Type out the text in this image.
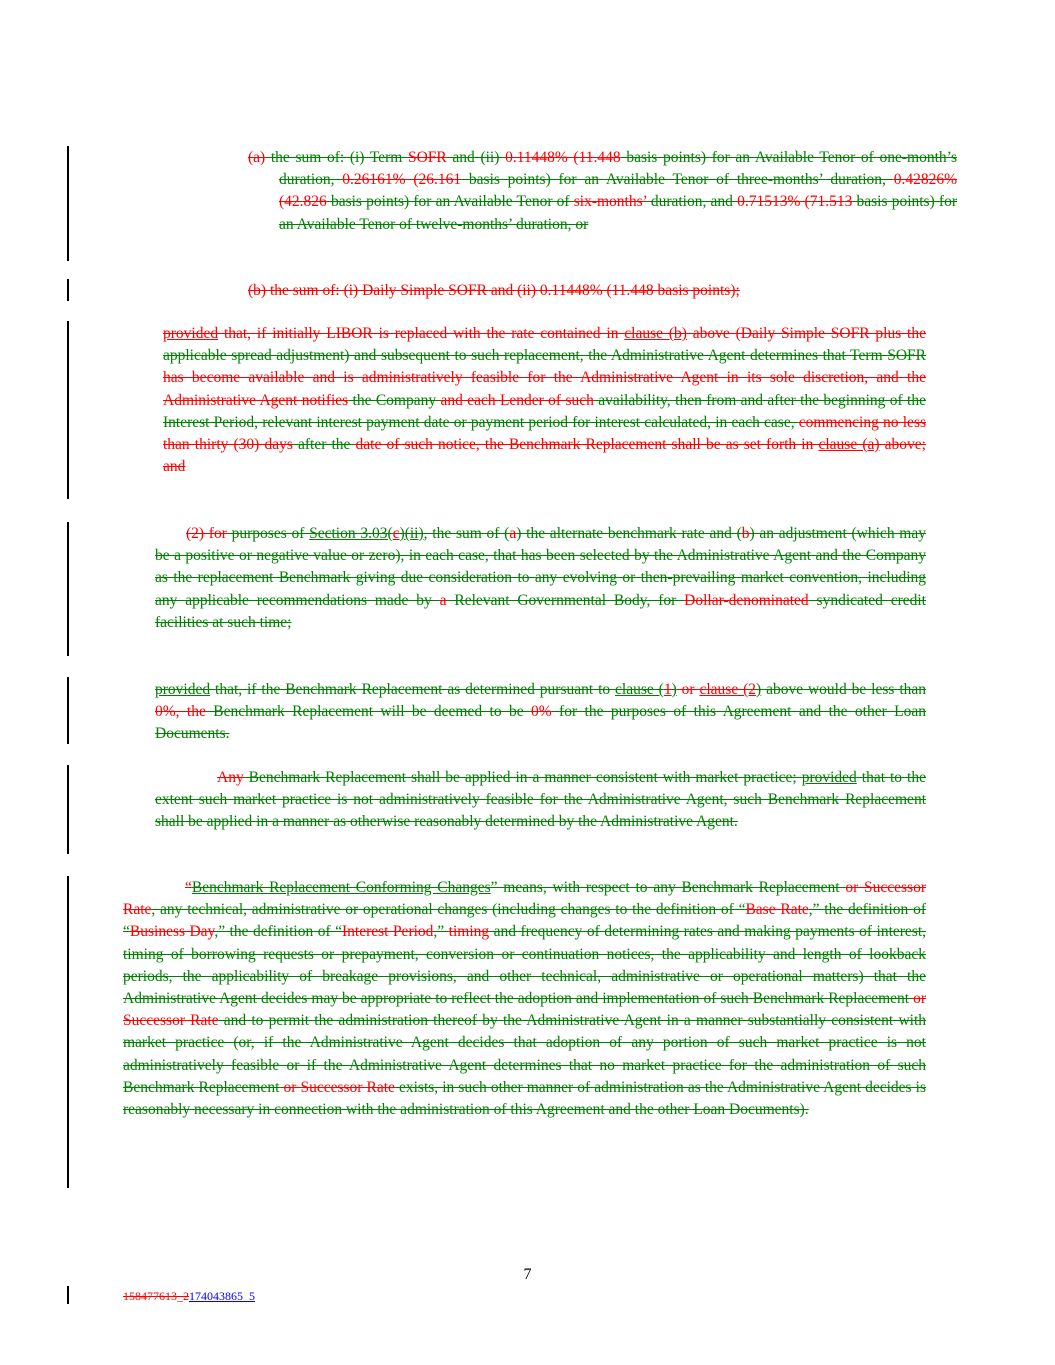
(a) the sum of: (i) Term SOFR and (ii) 0.11448% (11.448 basis points) for an Available Tenor of one-month’s duration, 0.26161% (26.161 basis points) for an Available Tenor of three-months’ duration, 0.42826% (42.826 basis points) for an Available Tenor of six-months’ duration, and 0.71513% (71.513 basis points) for an Available Tenor of twelve-months’ duration, or
(b) the sum of: (i) Daily Simple SOFR and (ii) 0.11448% (11.448 basis points);
provided that, if initially LIBOR is replaced with the rate contained in clause (b) above (Daily Simple SOFR plus the applicable spread adjustment) and subsequent to such replacement, the Administrative Agent determines that Term SOFR has become available and is administratively feasible for the Administrative Agent in its sole discretion, and the Administrative Agent notifies the Company and each Lender of such availability, then from and after the beginning of the Interest Period, relevant interest payment date or payment period for interest calculated, in each case, commencing no less than thirty (30) days after the date of such notice, the Benchmark Replacement shall be as set forth in clause (a) above; and
(2) for purposes of Section 3.03(c)(ii), the sum of (a) the alternate benchmark rate and (b) an adjustment (which may be a positive or negative value or zero), in each case, that has been selected by the Administrative Agent and the Company as the replacement Benchmark giving due consideration to any evolving or then-prevailing market convention, including any applicable recommendations made by a Relevant Governmental Body, for Dollar-denominated syndicated credit facilities at such time;
provided that, if the Benchmark Replacement as determined pursuant to clause (1) or clause (2) above would be less than 0%, the Benchmark Replacement will be deemed to be 0% for the purposes of this Agreement and the other Loan Documents.
Any Benchmark Replacement shall be applied in a manner consistent with market practice; provided that to the extent such market practice is not administratively feasible for the Administrative Agent, such Benchmark Replacement shall be applied in a manner as otherwise reasonably determined by the Administrative Agent.
“Benchmark Replacement Conforming Changes” means, with respect to any Benchmark Replacement or Successor Rate, any technical, administrative or operational changes (including changes to the definition of “Base Rate,” the definition of “Business Day,” the definition of “Interest Period,” timing and frequency of determining rates and making payments of interest, timing of borrowing requests or prepayment, conversion or continuation notices, the applicability and length of lookback periods, the applicability of breakage provisions, and other technical, administrative or operational matters) that the Administrative Agent decides may be appropriate to reflect the adoption and implementation of such Benchmark Replacement or Successor Rate and to permit the administration thereof by the Administrative Agent in a manner substantially consistent with market practice (or, if the Administrative Agent decides that adoption of any portion of such market practice is not administratively feasible or if the Administrative Agent determines that no market practice for the administration of such Benchmark Replacement or Successor Rate exists, in such other manner of administration as the Administrative Agent decides is reasonably necessary in connection with the administration of this Agreement and the other Loan Documents).
7
158477613_2174043865_5
